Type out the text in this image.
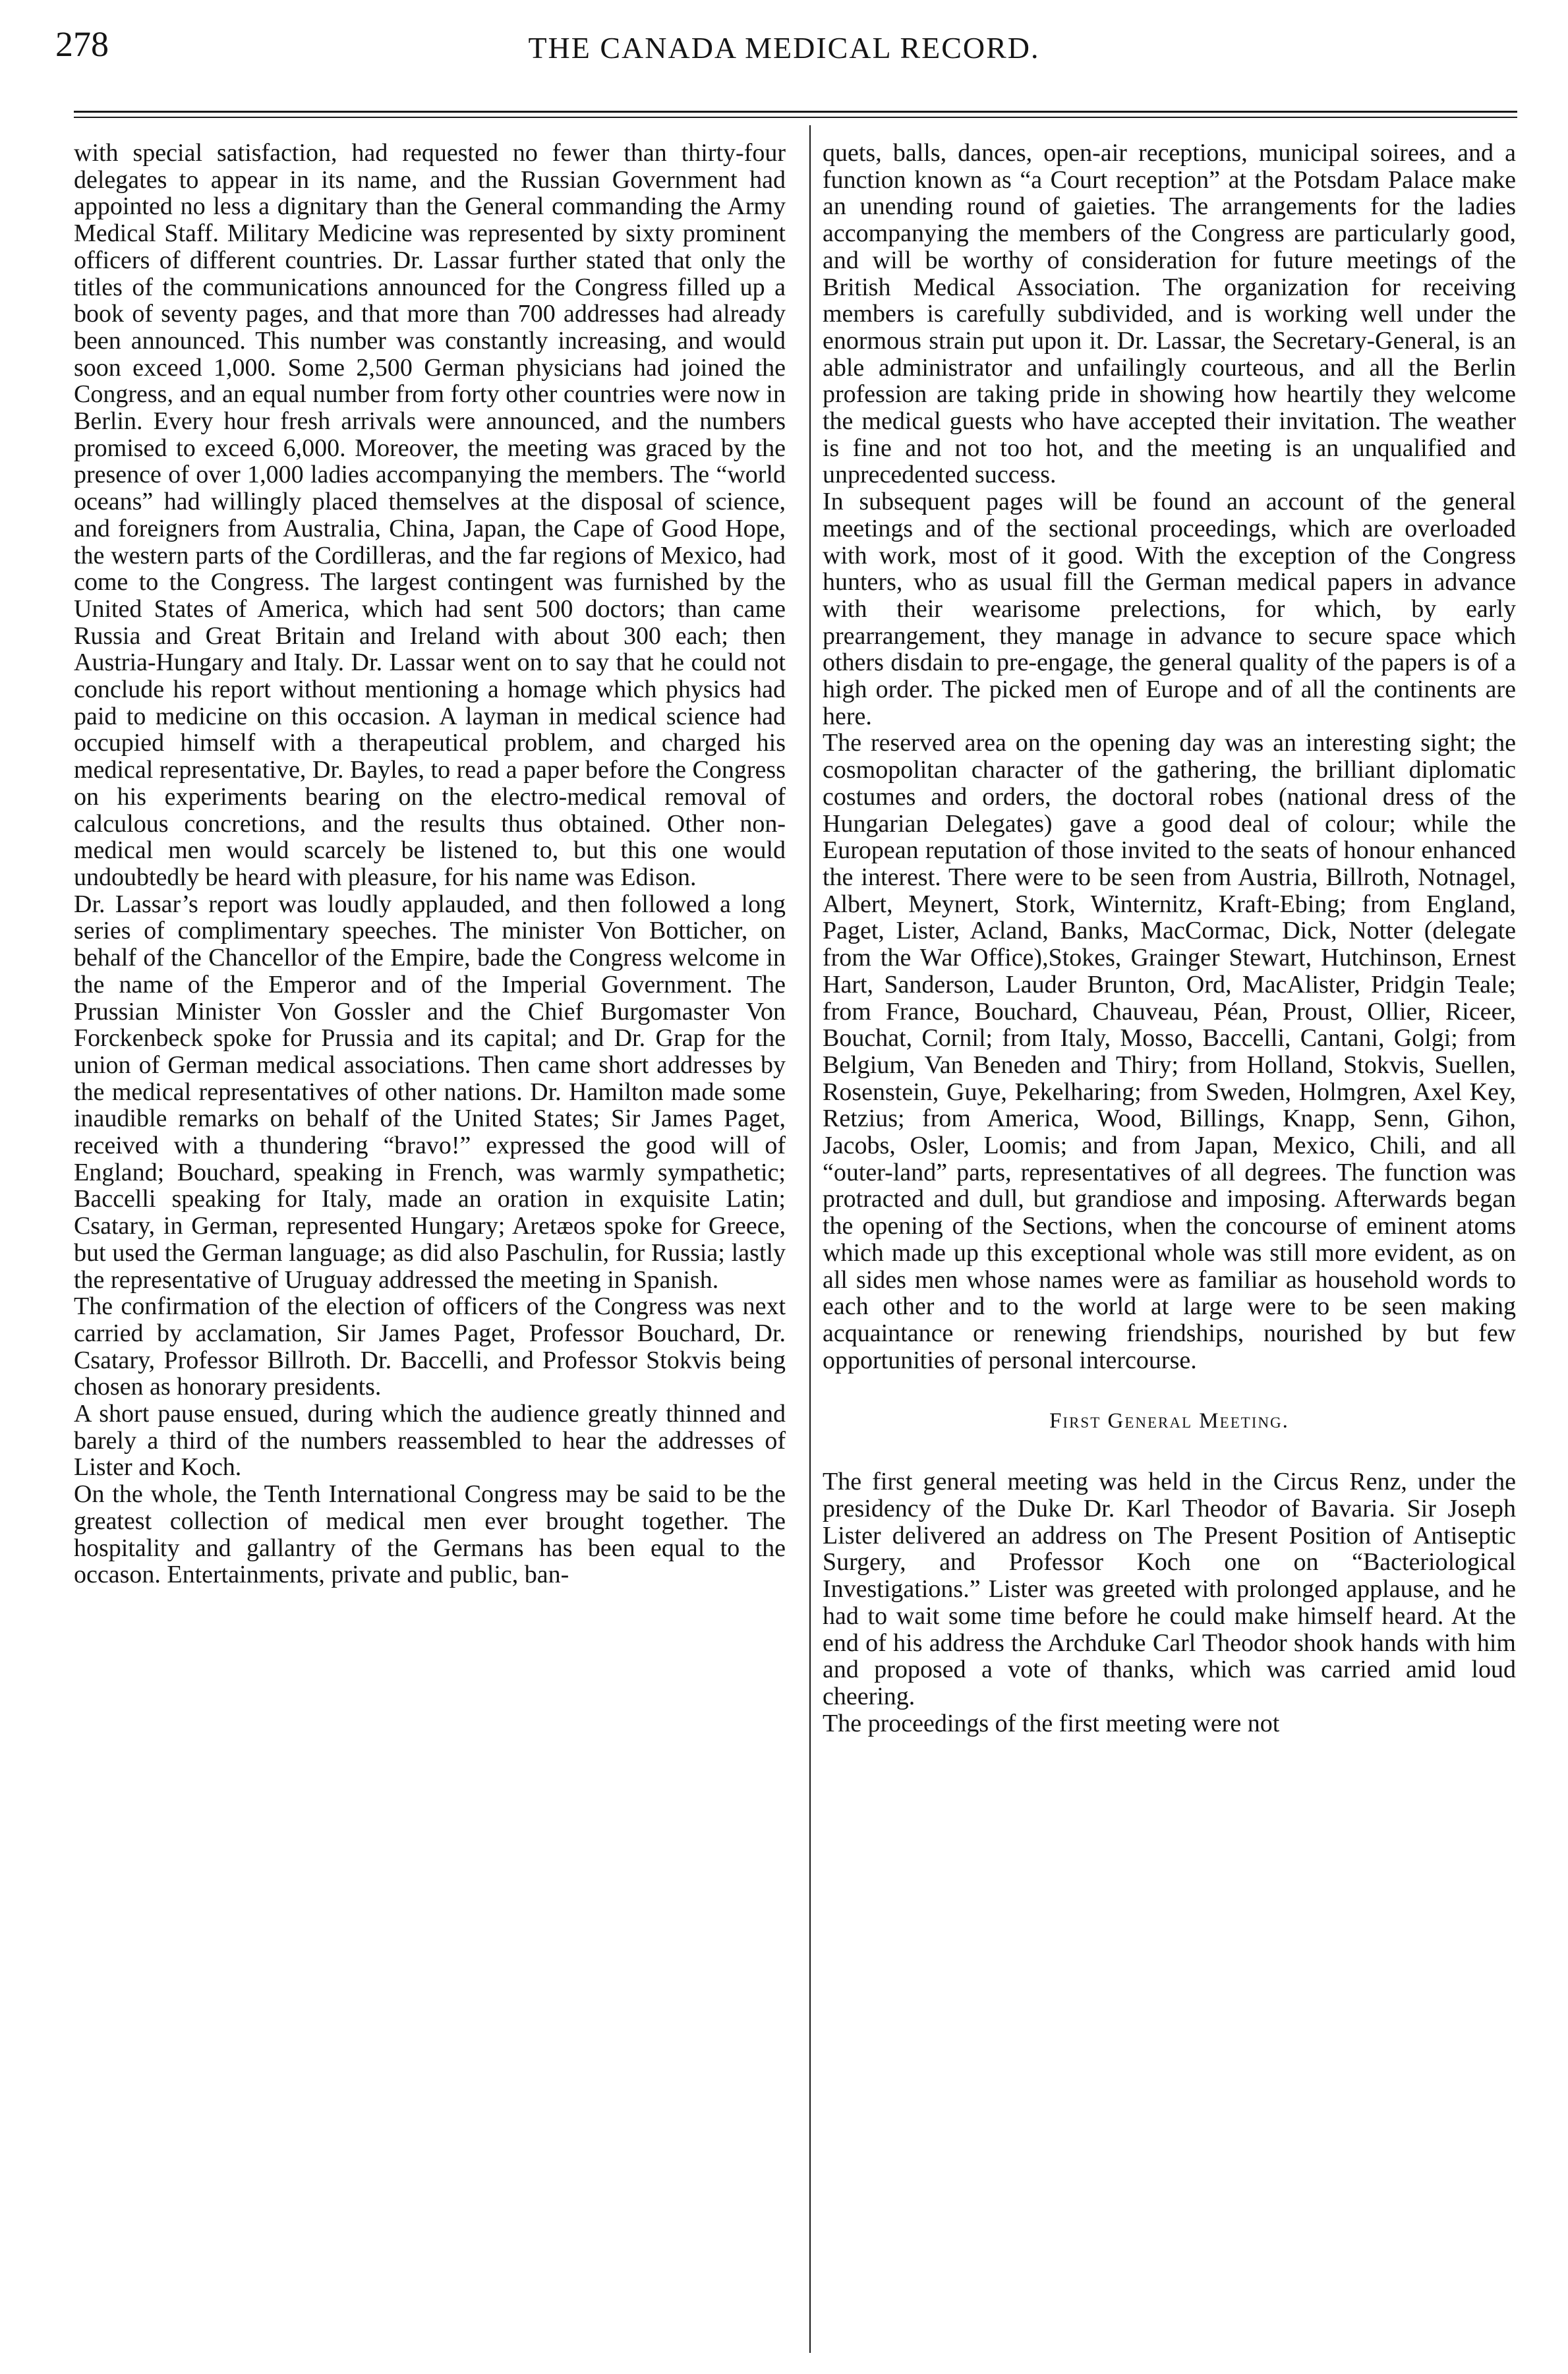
278	THE CANADA MEDICAL RECORD.

with special satisfaction, had requested no fewer than thirty-four delegates to appear in its name, and the Russian Government had appointed no less a dignitary than the General commanding the Army Medical Staff. Military Medicine was represented by sixty prominent officers of different countries. Dr. Lassar further stated that only the titles of the communications announced for the Congress filled up a book of seventy pages, and that more than 700 addresses had already been announced. This number was constantly increasing, and would soon exceed 1,000. Some 2,500 German physicians had joined the Congress, and an equal number from forty other countries were now in Berlin. Every hour fresh arrivals were announced, and the numbers promised to exceed 6,000. Moreover, the meeting was graced by the presence of over 1,000 ladies accompanying the members. The “world oceans” had willingly placed themselves at the disposal of science, and foreigners from Australia, China, Japan, the Cape of Good Hope, the western parts of the Cordilleras, and the far regions of Mexico, had come to the Congress. The largest contingent was furnished by the United States of America, which had sent 500 doctors; than came Russia and Great Britain and Ireland with about 300 each; then Austria-Hungary and Italy. Dr. Lassar went on to say that he could not conclude his report without mentioning a homage which physics had paid to medicine on this occasion. A layman in medical science had occupied himself with a therapeutical problem, and charged his medical representative, Dr. Bayles, to read a paper before the Congress on his experiments bearing on the electro-medical removal of calculous concretions, and the results thus obtained. Other non-medical men would scarcely be listened to, but this one would undoubtedly be heard with pleasure, for his name was Edison.

Dr. Lassar’s report was loudly applauded, and then followed a long series of complimentary speeches. The minister Von Botticher, on behalf of the Chancellor of the Empire, bade the Congress welcome in the name of the Emperor and of the Imperial Government. The Prussian Minister Von Gossler and the Chief Burgomaster Von Forckenbeck spoke for Prussia and its capital; and Dr. Grap for the union of German medical associations. Then came short addresses by the medical representatives of other nations. Dr. Hamilton made some inaudible remarks on behalf of the United States; Sir James Paget, received with a thundering “bravo!” expressed the good will of England; Bouchard, speaking in French, was warmly sympathetic; Baccelli speaking for Italy, made an oration in exquisite Latin; Csatary, in German, represented Hungary; Aretæos spoke for Greece, but used the German language; as did also Paschulin, for Russia; lastly the representative of Uruguay addressed the meeting in Spanish.

The confirmation of the election of officers of the Congress was next carried by acclamation, Sir James Paget, Professor Bouchard, Dr. Csatary, Professor Billroth. Dr. Baccelli, and Professor Stokvis being chosen as honorary presidents.

A short pause ensued, during which the audience greatly thinned and barely a third of the numbers reassembled to hear the addresses of Lister and Koch.

On the whole, the Tenth International Congress may be said to be the greatest collection of medical men ever brought together. The hospitality and gallantry of the Germans has been equal to the occason. Entertainments, private and public, ban-

quets, balls, dances, open-air receptions, municipal soirees, and a function known as “a Court reception” at the Potsdam Palace make an unending round of gaieties. The arrangements for the ladies accompanying the members of the Congress are particularly good, and will be worthy of consideration for future meetings of the British Medical Association. The organization for receiving members is carefully subdivided, and is working well under the enormous strain put upon it. Dr. Lassar, the Secretary-General, is an able administrator and unfailingly courteous, and all the Berlin profession are taking pride in showing how heartily they welcome the medical guests who have accepted their invitation. The weather is fine and not too hot, and the meeting is an unqualified and unprecedented success.

In subsequent pages will be found an account of the general meetings and of the sectional proceedings, which are overloaded with work, most of it good. With the exception of the Congress hunters, who as usual fill the German medical papers in advance with their wearisome prelections, for which, by early prearrangement, they manage in advance to secure space which others disdain to pre-engage, the general quality of the papers is of a high order. The picked men of Europe and of all the continents are here.

The reserved area on the opening day was an interesting sight; the cosmopolitan character of the gathering, the brilliant diplomatic costumes and orders, the doctoral robes (national dress of the Hungarian Delegates) gave a good deal of colour; while the European reputation of those invited to the seats of honour enhanced the interest. There were to be seen from Austria, Billroth, Notnagel, Albert, Meynert, Stork, Winternitz, Kraft-Ebing; from England, Paget, Lister, Acland, Banks, MacCormac, Dick, Notter (delegate from the War Office),Stokes, Grainger Stewart, Hutchinson, Ernest Hart, Sanderson, Lauder Brunton, Ord, MacAlister, Pridgin Teale; from France, Bouchard, Chauveau, Péan, Proust, Ollier, Riceer, Bouchat, Cornil; from Italy, Mosso, Baccelli, Cantani, Golgi; from Belgium, Van Beneden and Thiry; from Holland, Stokvis, Suellen, Rosenstein, Guye, Pekelharing; from Sweden, Holmgren, Axel Key, Retzius; from America, Wood, Billings, Knapp, Senn, Gihon, Jacobs, Osler, Loomis; and from Japan, Mexico, Chili, and all “outer-land” parts, representatives of all degrees. The function was protracted and dull, but grandiose and imposing. Afterwards began the opening of the Sections, when the concourse of eminent atoms which made up this exceptional whole was still more evident, as on all sides men whose names were as familiar as household words to each other and to the world at large were to be seen making acquaintance or renewing friendships, nourished by but few opportunities of personal intercourse.

First General Meeting.

The first general meeting was held in the Circus Renz, under the presidency of the Duke Dr. Karl Theodor of Bavaria. Sir Joseph Lister delivered an address on The Present Position of Antiseptic Surgery, and Professor Koch one on “Bacteriological Investigations.” Lister was greeted with prolonged applause, and he had to wait some time before he could make himself heard. At the end of his address the Archduke Carl Theodor shook hands with him and proposed a vote of thanks, which was carried amid loud cheering.

The proceedings of the first meeting were not
